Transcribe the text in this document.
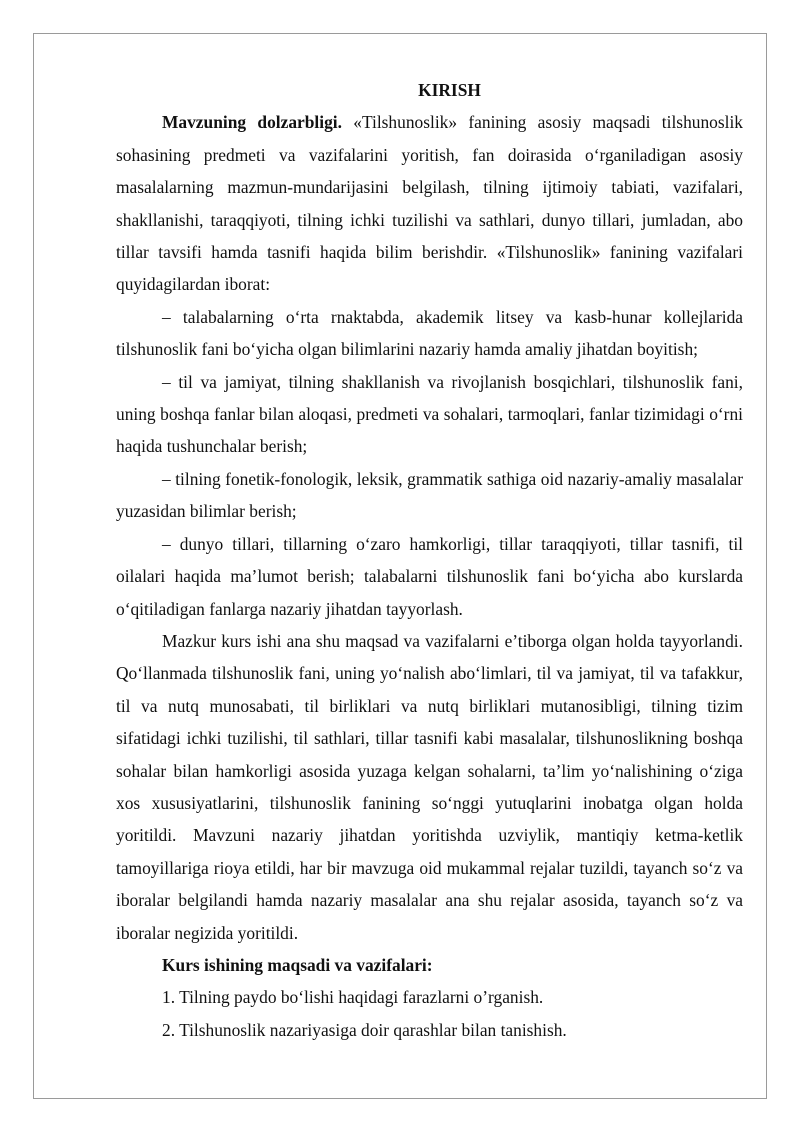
KIRISH

Mavzuning dolzarbligi. «Tilshunoslik» fanining asosiy maqsadi tilshunoslik sohasining predmeti va vazifalarini yoritish, fan doirasida o‘rganiladigan asosiy masalalarning mazmun-mundarijasini belgilash, tilning ijtimoiy tabiati, vazifalari, shakllanishi, taraqqiyoti, tilning ichki tuzilishi va sathlari, dunyo tillari, jumladan, abo tillar tavsifi hamda tasnifi haqida bilim berishdir. «Tilshunoslik» fanining vazifalari quyidagilardan iborat:

– talabalarning o‘rta rnaktabda, akademik litsey va kasb-hunar kollejlarida tilshunoslik fani bo‘yicha olgan bilimlarini nazariy hamda amaliy jihatdan boyitish;

– til va jamiyat, tilning shakllanish va rivojlanish bosqichlari, tilshunoslik fani, uning boshqa fanlar bilan aloqasi, predmeti va sohalari, tarmoqlari, fanlar tizimidagi o‘rni haqida tushunchalar berish;

– tilning fonetik-fonologik, leksik, grammatik sathiga oid nazariy-amaliy masalalar yuzasidan bilimlar berish;

– dunyo tillari, tillarning o‘zaro hamkorligi, tillar taraqqiyoti, tillar tasnifi, til oilalari haqida ma’lumot berish; talabalarni tilshunoslik fani bo‘yicha abo kurslarda o‘qitiladigan fanlarga nazariy jihatdan tayyorlash.

Mazkur kurs ishi ana shu maqsad va vazifalarni e’tiborga olgan holda tayyorlandi. Qo‘llanmada tilshunoslik fani, uning yo‘nalish abo‘limlari, til va jamiyat, til va tafakkur, til va nutq munosabati, til birliklari va nutq birliklari mutanosibligi, tilning tizim sifatidagi ichki tuzilishi, til sathlari, tillar tasnifi kabi masalalar, tilshunoslikning boshqa sohalar bilan hamkorligi asosida yuzaga kelgan sohalarni, ta’lim yo‘nalishining o‘ziga xos xususiyatlarini, tilshunoslik fanining so‘nggi yutuqlarini inobatga olgan holda yoritildi. Mavzuni nazariy jihatdan yoritishda uzviylik, mantiqiy ketma-ketlik tamoyillariga rioya etildi, har bir mavzuga oid mukammal rejalar tuzildi, tayanch so‘z va iboralar belgilandi hamda nazariy masalalar ana shu rejalar asosida, tayanch so‘z va iboralar negizida yoritildi.

Kurs ishining maqsadi va vazifalari:

1. Tilning paydo bo‘lishi haqidagi farazlarni o’rganish.

2. Tilshunoslik nazariyasiga doir qarashlar bilan tanishish.
